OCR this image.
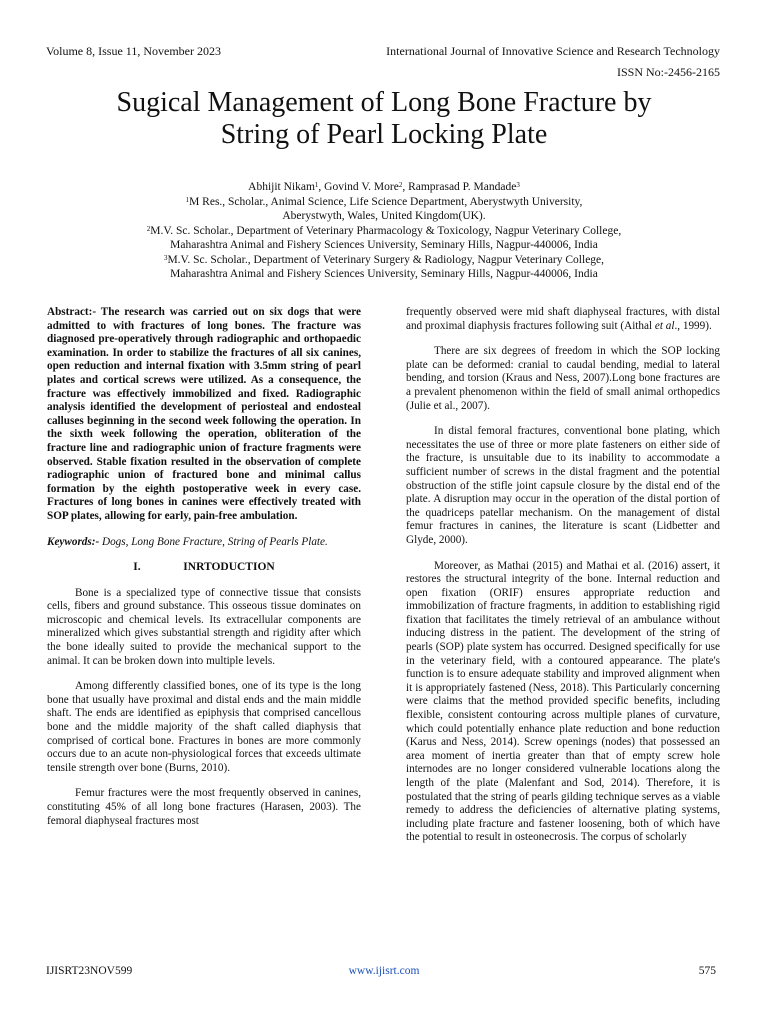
Volume 8, Issue 11, November 2023	International Journal of Innovative Science and Research Technology
ISSN No:-2456-2165
Sugical Management of Long Bone Fracture by
String of Pearl Locking Plate
Abhijit Nikam$^1$, Govind V. More$^2$, Ramprasad P. Mandade$^3$
$^1$M Res., Scholar., Animal Science, Life Science Department, Aberystwyth University,
Aberystwyth, Wales, United Kingdom(UK).
$^2$M.V. Sc. Scholar., Department of Veterinary Pharmacology & Toxicology, Nagpur Veterinary College,
Maharashtra Animal and Fishery Sciences University, Seminary Hills, Nagpur-440006, India
$^3$M.V. Sc. Scholar., Department of Veterinary Surgery & Radiology, Nagpur Veterinary College,
Maharashtra Animal and Fishery Sciences University, Seminary Hills, Nagpur-440006, India

Abstract:- The research was carried out on six dogs that were admitted to with fractures of long bones. The fracture was diagnosed pre-operatively through radiographic and orthopaedic examination. In order to stabilize the fractures of all six canines, open reduction and internal fixation with 3.5mm string of pearl plates and cortical screws were utilized. As a consequence, the fracture was effectively immobilized and fixed. Radiographic analysis identified the development of periosteal and endosteal calluses beginning in the second week following the operation. In the sixth week following the operation, obliteration of the fracture line and radiographic union of fracture fragments were observed. Stable fixation resulted in the observation of complete radiographic union of fractured bone and minimal callus formation by the eighth postoperative week in every case. Fractures of long bones in canines were effectively treated with SOP plates, allowing for early, pain-free ambulation.

Keywords:- Dogs, Long Bone Fracture, String of Pearls Plate.

I.	INRTODUCTION

Bone is a specialized type of connective tissue that consists cells, fibers and ground substance. This osseous tissue dominates on microscopic and chemical levels. Its extracellular components are mineralized which gives substantial strength and rigidity after which the bone ideally suited to provide the mechanical support to the animal. It can be broken down into multiple levels.

Among differently classified bones, one of its type is the long bone that usually have proximal and distal ends and the main middle shaft. The ends are identified as epiphysis that comprised cancellous bone and the middle majority of the shaft called diaphysis that comprised of cortical bone. Fractures in bones are more commonly occurs due to an acute non-physiological forces that exceeds ultimate tensile strength over bone (Burns, 2010).

Femur fractures were the most frequently observed in canines, constituting 45% of all long bone fractures (Harasen, 2003). The femoral diaphyseal fractures most

frequently observed were mid shaft diaphyseal fractures, with distal and proximal diaphysis fractures following suit (Aithal et al., 1999).

There are six degrees of freedom in which the SOP locking plate can be deformed: cranial to caudal bending, medial to lateral bending, and torsion (Kraus and Ness, 2007).Long bone fractures are a prevalent phenomenon within the field of small animal orthopedics (Julie et al., 2007).

In distal femoral fractures, conventional bone plating, which necessitates the use of three or more plate fasteners on either side of the fracture, is unsuitable due to its inability to accommodate a sufficient number of screws in the distal fragment and the potential obstruction of the stifle joint capsule closure by the distal end of the plate. A disruption may occur in the operation of the distal portion of the quadriceps patellar mechanism. On the management of distal femur fractures in canines, the literature is scant (Lidbetter and Glyde, 2000).

Moreover, as Mathai (2015) and Mathai et al. (2016) assert, it restores the structural integrity of the bone. Internal reduction and open fixation (ORIF) ensures appropriate reduction and immobilization of fracture fragments, in addition to establishing rigid fixation that facilitates the timely retrieval of an ambulance without inducing distress in the patient. The development of the string of pearls (SOP) plate system has occurred. Designed specifically for use in the veterinary field, with a contoured appearance. The plate's function is to ensure adequate stability and improved alignment when it is appropriately fastened (Ness, 2018). This Particularly concerning were claims that the method provided specific benefits, including flexible, consistent contouring across multiple planes of curvature, which could potentially enhance plate reduction and bone reduction (Karus and Ness, 2014). Screw openings (nodes) that possessed an area moment of inertia greater than that of empty screw hole internodes are no longer considered vulnerable locations along the length of the plate (Malenfant and Sod, 2014). Therefore, it is postulated that the string of pearls gilding technique serves as a viable remedy to address the deficiencies of alternative plating systems, including plate fracture and fastener loosening, both of which have the potential to result in osteonecrosis. The corpus of scholarly

IJISRT23NOV599	www.ijisrt.com	575
